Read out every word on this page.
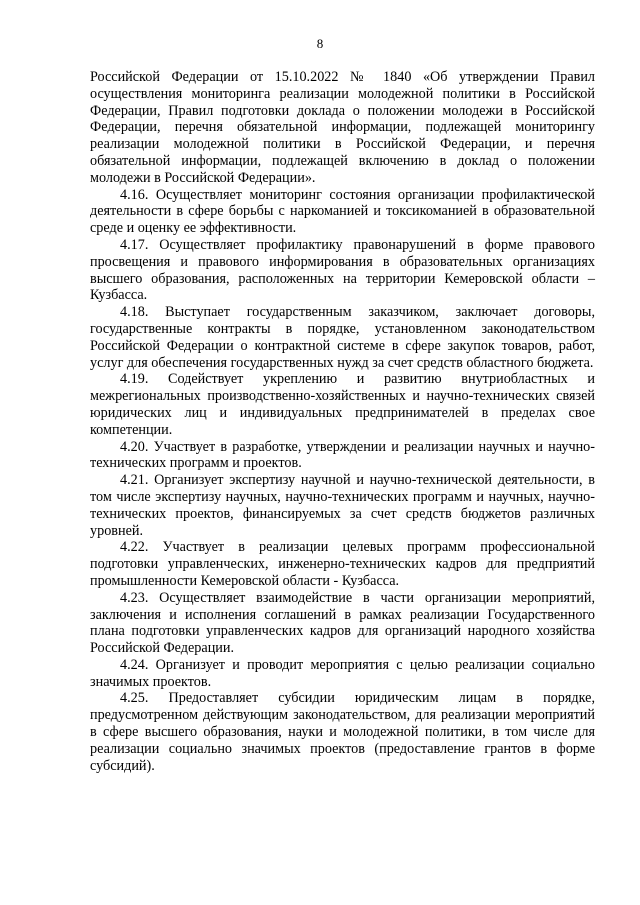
8

Российской Федерации от 15.10.2022 № 1840 «Об утверждении Правил осуществления мониторинга реализации молодежной политики в Российской Федерации, Правил подготовки доклада о положении молодежи в Российской Федерации, перечня обязательной информации, подлежащей мониторингу реализации молодежной политики в Российской Федерации, и перечня обязательной информации, подлежащей включению в доклад о положении молодежи в Российской Федерации».

4.16. Осуществляет мониторинг состояния организации профилактической деятельности в сфере борьбы с наркоманией и токсикоманией в образовательной среде и оценку ее эффективности.

4.17. Осуществляет профилактику правонарушений в форме правового просвещения и правового информирования в образовательных организациях высшего образования, расположенных на территории Кемеровской области – Кузбасса.

4.18. Выступает государственным заказчиком, заключает договоры, государственные контракты в порядке, установленном законодательством Российской Федерации о контрактной системе в сфере закупок товаров, работ, услуг для обеспечения государственных нужд за счет средств областного бюджета.

4.19. Содействует укреплению и развитию внутриобластных и межрегиональных производственно-хозяйственных и научно-технических связей юридических лиц и индивидуальных предпринимателей в пределах свое компетенции.

4.20. Участвует в разработке, утверждении и реализации научных и научно-технических программ и проектов.

4.21. Организует экспертизу научной и научно-технической деятельности, в том числе экспертизу научных, научно-технических программ и научных, научно-технических проектов, финансируемых за счет средств бюджетов различных уровней.

4.22. Участвует в реализации целевых программ профессиональной подготовки управленческих, инженерно-технических кадров для предприятий промышленности Кемеровской области - Кузбасса.

4.23. Осуществляет взаимодействие в части организации мероприятий, заключения и исполнения соглашений в рамках реализации Государственного плана подготовки управленческих кадров для организаций народного хозяйства Российской Федерации.

4.24. Организует и проводит мероприятия с целью реализации социально значимых проектов.

4.25. Предоставляет субсидии юридическим лицам в порядке, предусмотренном действующим законодательством, для реализации мероприятий в сфере высшего образования, науки и молодежной политики, в том числе для реализации социально значимых проектов (предоставление грантов в форме субсидий).
